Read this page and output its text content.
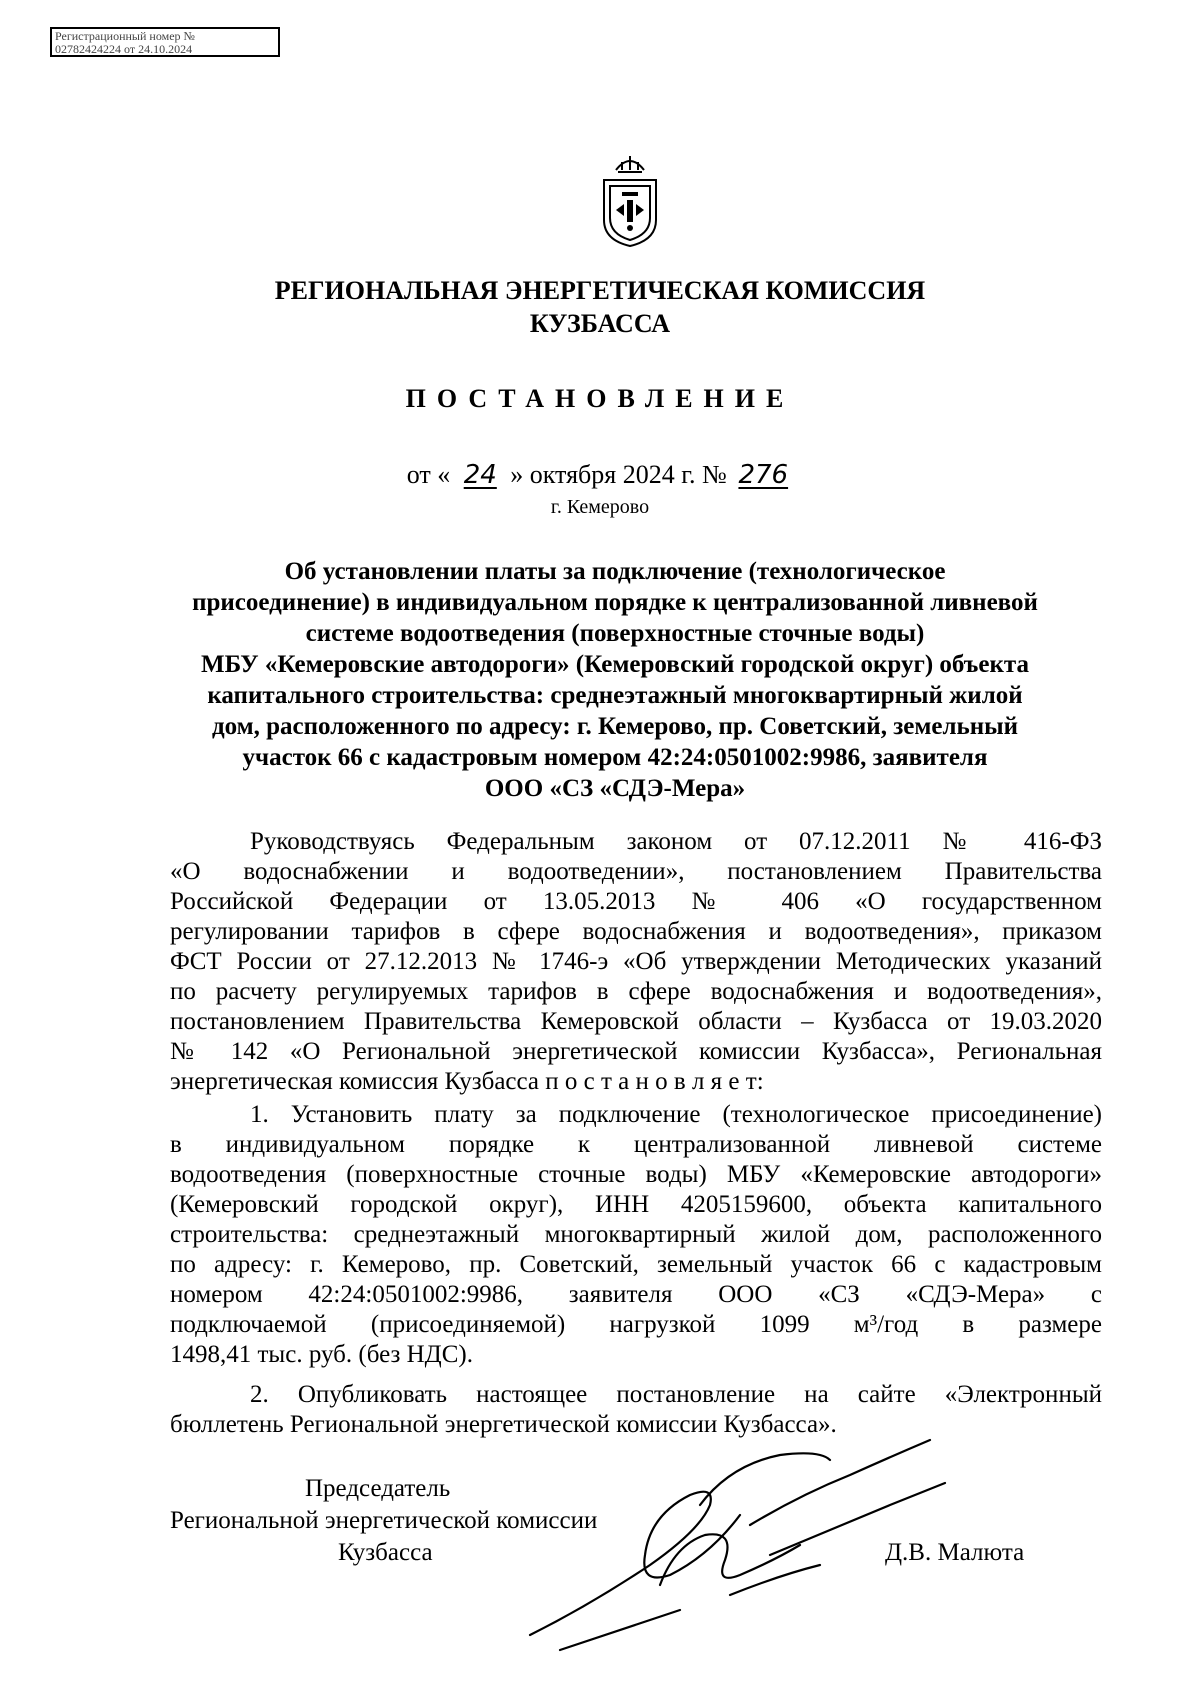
Регистрационный номер №
02782424224 от 24.10.2024
РЕГИОНАЛЬНАЯ ЭНЕРГЕТИЧЕСКАЯ КОМИССИЯ
КУЗБАССА
ПОСТАНОВЛЕНИЕ
от « 24 » октября 2024 г. № 276
г. Кемерово
Об установлении платы за подключение (технологическое
присоединение) в индивидуальном порядке к централизованной ливневой
системе водоотведения (поверхностные сточные воды)
МБУ «Кемеровские автодороги» (Кемеровский городской округ) объекта
капитального строительства: среднеэтажный многоквартирный жилой
дом, расположенного по адресу: г. Кемерово, пр. Советский, земельный
участок 66 с кадастровым номером 42:24:0501002:9986, заявителя
ООО «СЗ «СДЭ-Мера»
Руководствуясь Федеральным законом от 07.12.2011 № 416-ФЗ
«О водоснабжении и водоотведении», постановлением Правительства
Российской Федерации от 13.05.2013 № 406 «О государственном
регулировании тарифов в сфере водоснабжения и водоотведения», приказом
ФСТ России от 27.12.2013 № 1746-э «Об утверждении Методических указаний
по расчету регулируемых тарифов в сфере водоснабжения и водоотведения»,
постановлением Правительства Кемеровской области – Кузбасса от 19.03.2020
№ 142 «О Региональной энергетической комиссии Кузбасса», Региональная
энергетическая комиссия Кузбасса п о с т а н о в л я е т:
1. Установить плату за подключение (технологическое присоединение)
в индивидуальном порядке к централизованной ливневой системе
водоотведения (поверхностные сточные воды) МБУ «Кемеровские автодороги»
(Кемеровский городской округ), ИНН 4205159600, объекта капитального
строительства: среднеэтажный многоквартирный жилой дом, расположенного
по адресу: г. Кемерово, пр. Советский, земельный участок 66 с кадастровым
номером 42:24:0501002:9986, заявителя ООО «СЗ «СДЭ-Мера» с
подключаемой (присоединяемой) нагрузкой 1099 м³/год в размере
1498,41 тыс. руб. (без НДС).
2. Опубликовать настоящее постановление на сайте «Электронный
бюллетень Региональной энергетической комиссии Кузбасса».
Председатель
Региональной энергетической комиссии
Кузбасса	Д.В. Малюта
